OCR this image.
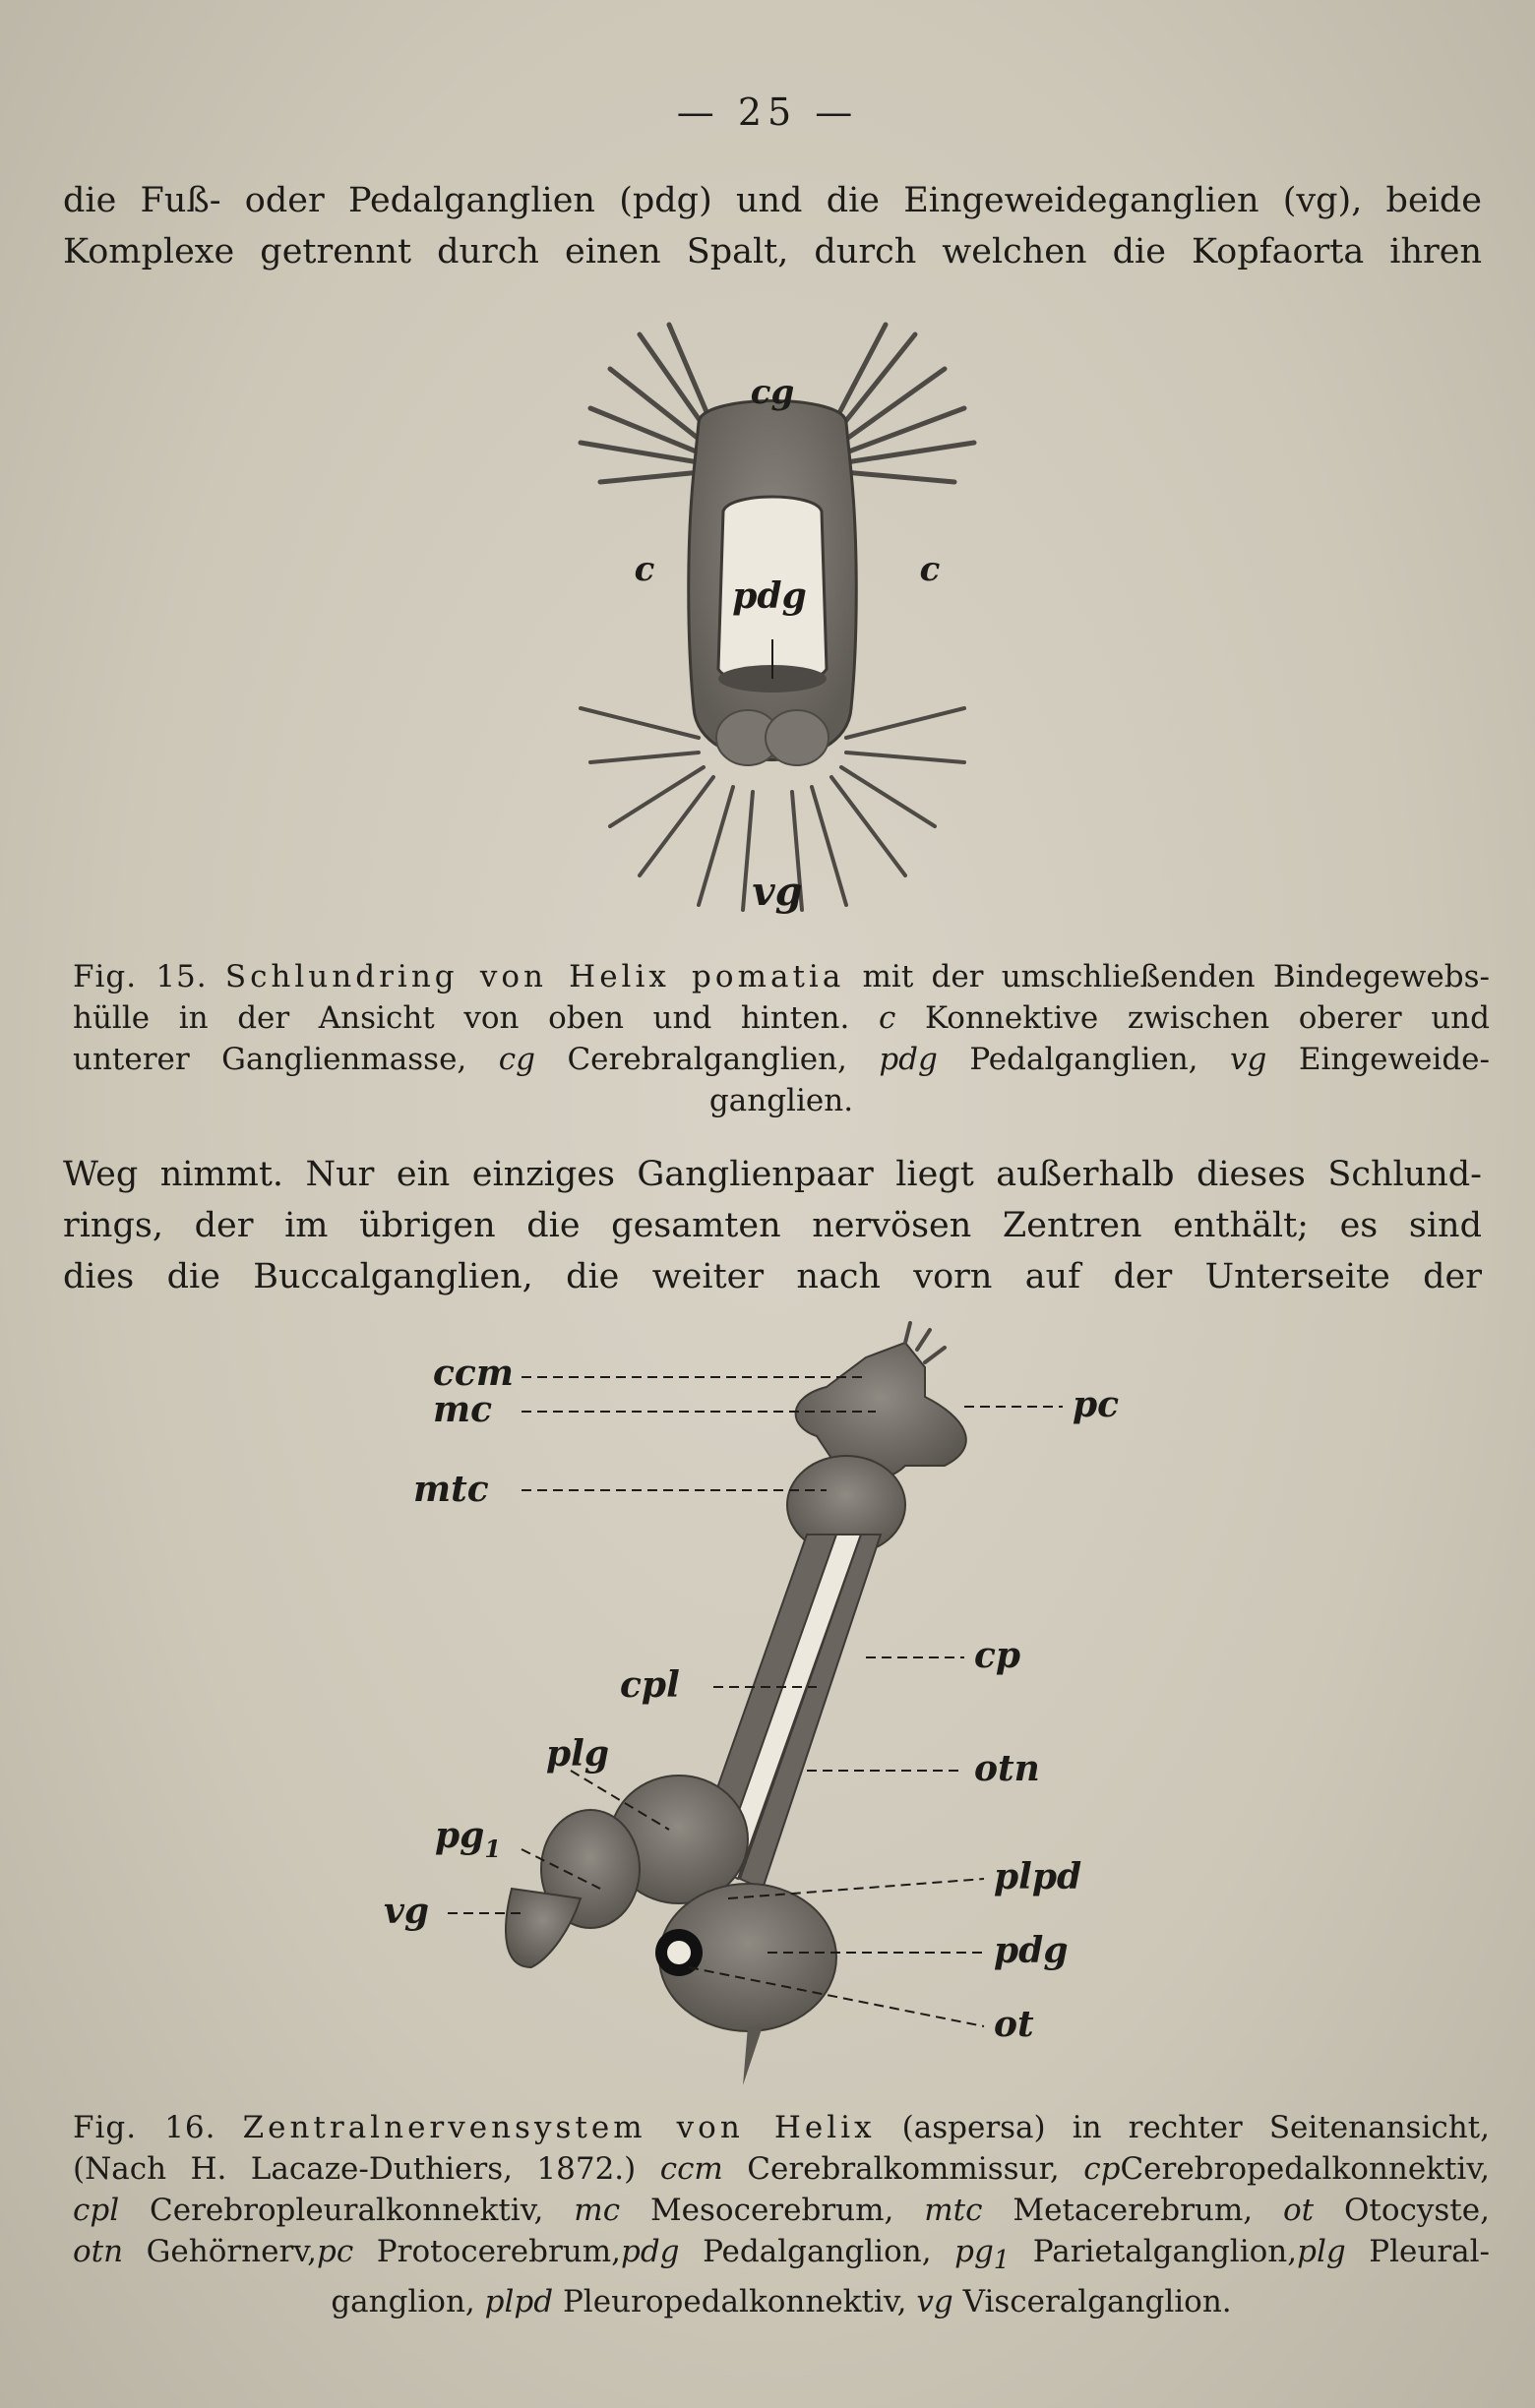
— 25 —
die Fuß- oder Pedalganglien (pdg) und die Eingeweideganglien (vg), beide
Komplexe getrennt durch einen Spalt, durch welchen die Kopfaorta ihren
cg
c	c
pdg
vg
Fig. 15. Schlundring von Helix pomatia mit der umschließenden Bindegewebs-
hülle in der Ansicht von oben und hinten. c Konnektive zwischen oberer und
unterer Ganglienmasse, cg Cerebralganglien, pdg Pedalganglien, vg Eingeweide-
ganglien.
Weg nimmt. Nur ein einziges Ganglienpaar liegt außerhalb dieses Schlund-
rings, der im übrigen die gesamten nervösen Zentren enthält; es sind
dies die Buccalganglien, die weiter nach vorn auf der Unterseite der
ccm
mc	pc
mtc
cp
cpl
otn
plg
$pg_1$
vg
plpd
pdg
ot
Fig. 16. Zentralnervensystem von Helix (aspersa) in rechter Seitenansicht,
(Nach H. Lacaze-Duthiers, 1872.) ccm Cerebralkommissur, cpCerebropedalkonnektiv,
cpl Cerebropleuralkonnektiv, mc Mesocerebrum, mtc Metacerebrum, ot Otocyste,
otn Gehörnerv,pc Protocerebrum,pdg Pedalganglion, $pg_1$ Parietalganglion,plg Pleural-
ganglion, plpd Pleuropedalkonnektiv, vg Visceralganglion.
